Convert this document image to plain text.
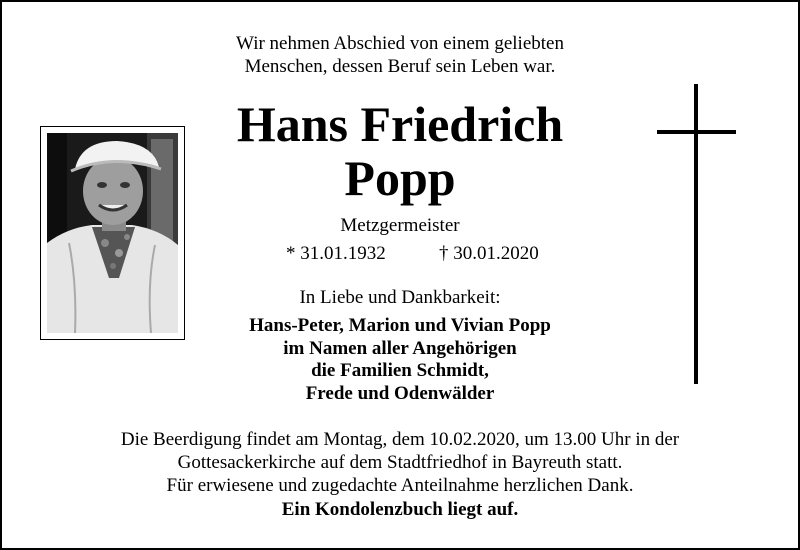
Wir nehmen Abschied von einem geliebten
Menschen, dessen Beruf sein Leben war.
Hans Friedrich
Popp
Metzgermeister
* 31.01.1932	† 30.01.2020
In Liebe und Dankbarkeit:
Hans-Peter, Marion und Vivian Popp
im Namen aller Angehörigen
die Familien Schmidt,
Frede und Odenwälder
Die Beerdigung findet am Montag, dem 10.02.2020, um 13.00 Uhr in der
Gottesackerkirche auf dem Stadtfriedhof in Bayreuth statt.
Für erwiesene und zugedachte Anteilnahme herzlichen Dank.
Ein Kondolenzbuch liegt auf.
